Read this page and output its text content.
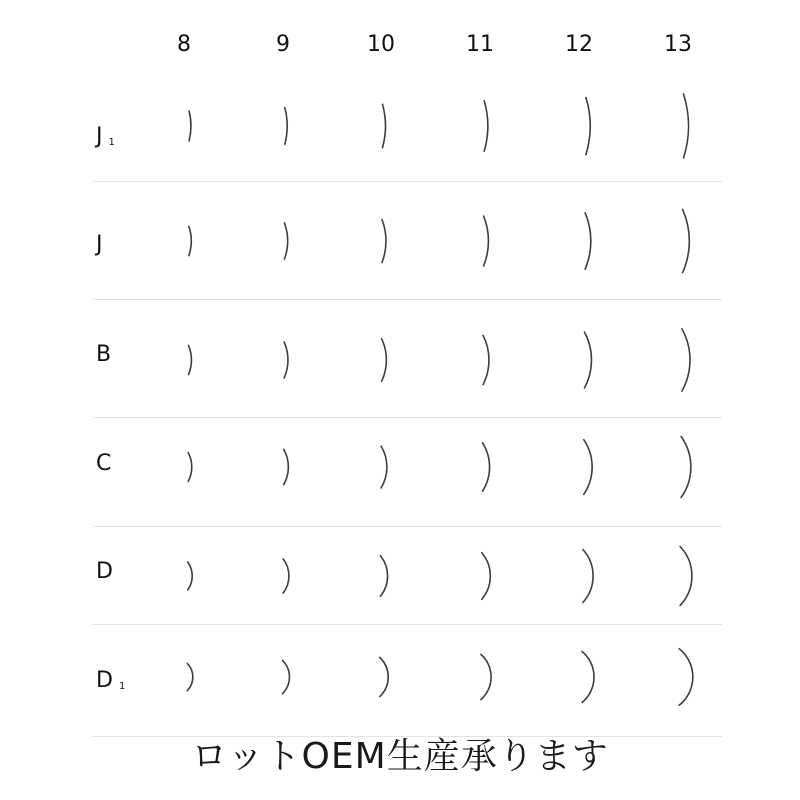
8	9	10	11	12	13
J $_1$
J
B
C
D
D $_1$
ロットOEM生産承ります
